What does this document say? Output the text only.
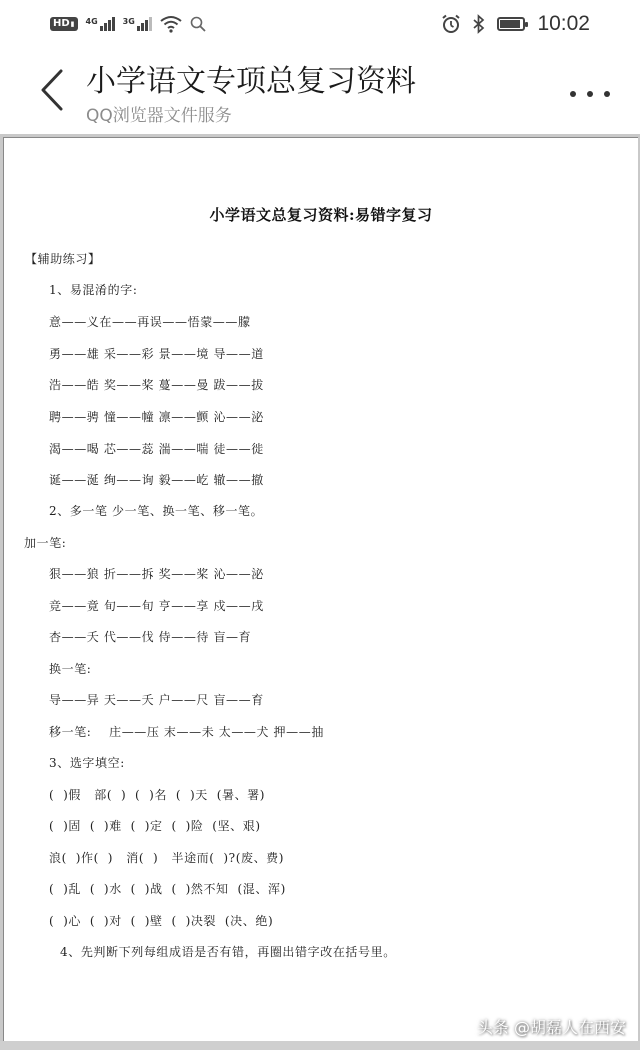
HD ▮ 4G	3G	10:02
小学语文专项总复习资料
QQ浏览器文件服务
小学语文总复习资料:易错字复习
【辅助练习】
1、易混淆的字:
意——义在——再误——悟蒙——朦
勇——雄 采——彩 景——境 导——道
浩——皓 奖——桨 蔓——曼 跋——拔
聘——骋 憧——幢 凛——颤 沁——泌
渴——喝 芯——蕊 湍——喘 徒——徙
诞——涎 绚——询 毅——屹 辙——撤
2、多一笔 少一笔、换一笔、移一笔。
加一笔:
狠——狼 折——拆 奖——桨 沁——泌
竞——竟 旬——旬 亨——享 戍——戌
杏——夭 代——伐 侍——待 盲—育
换一笔:
导——异 天——夭 户——尺 盲——育
移一笔:    庄——压 末——未 太——犬 押——抽
3、选字填空:
(  )假   部(  )  (  )名  (  )天  (暑、署)
(  )固  (  )难  (  )定  (  )险  (坚、艰)
浪(  )作(  )   消(  )   半途而(  )?(废、费)
(  )乱  (  )水  (  )战  (  )然不知  (混、浑)
(  )心  (  )对  (  )壁  (  )决裂  (决、绝)
4、先判断下列每组成语是否有错，再圈出错字改在括号里。
头条 @胡磊人在西安
